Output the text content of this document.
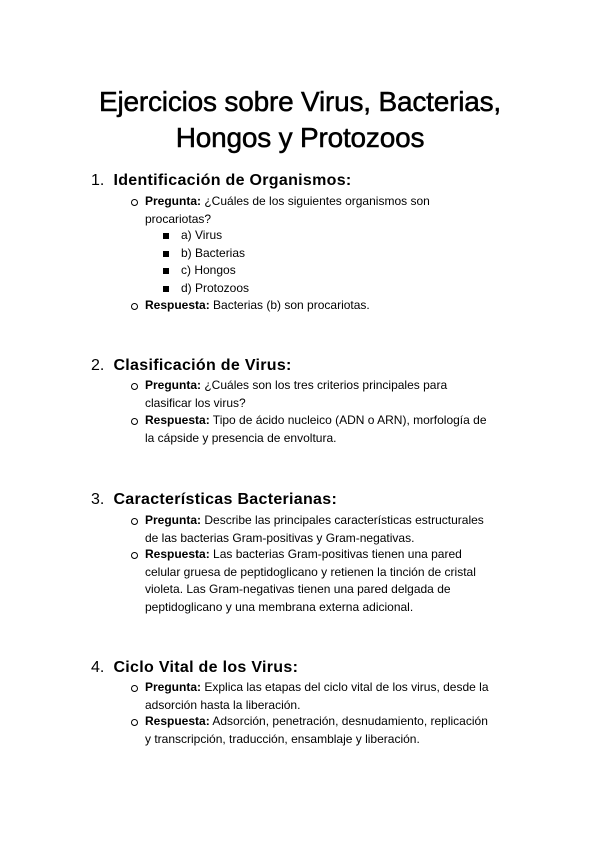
Ejercicios sobre Virus, Bacterias,
Hongos y Protozoos
1. Identificación de Organismos:
Pregunta: ¿Cuáles de los siguientes organismos son
procariotas?
a) Virus
b) Bacterias
c) Hongos
d) Protozoos
Respuesta: Bacterias (b) son procariotas.
2. Clasificación de Virus:
Pregunta: ¿Cuáles son los tres criterios principales para
clasificar los virus?
Respuesta: Tipo de ácido nucleico (ADN o ARN), morfología de
la cápside y presencia de envoltura.
3. Características Bacterianas:
Pregunta: Describe las principales características estructurales
de las bacterias Gram-positivas y Gram-negativas.
Respuesta: Las bacterias Gram-positivas tienen una pared
celular gruesa de peptidoglicano y retienen la tinción de cristal
violeta. Las Gram-negativas tienen una pared delgada de
peptidoglicano y una membrana externa adicional.
4. Ciclo Vital de los Virus:
Pregunta: Explica las etapas del ciclo vital de los virus, desde la
adsorción hasta la liberación.
Respuesta: Adsorción, penetración, desnudamiento, replicación
y transcripción, traducción, ensamblaje y liberación.
